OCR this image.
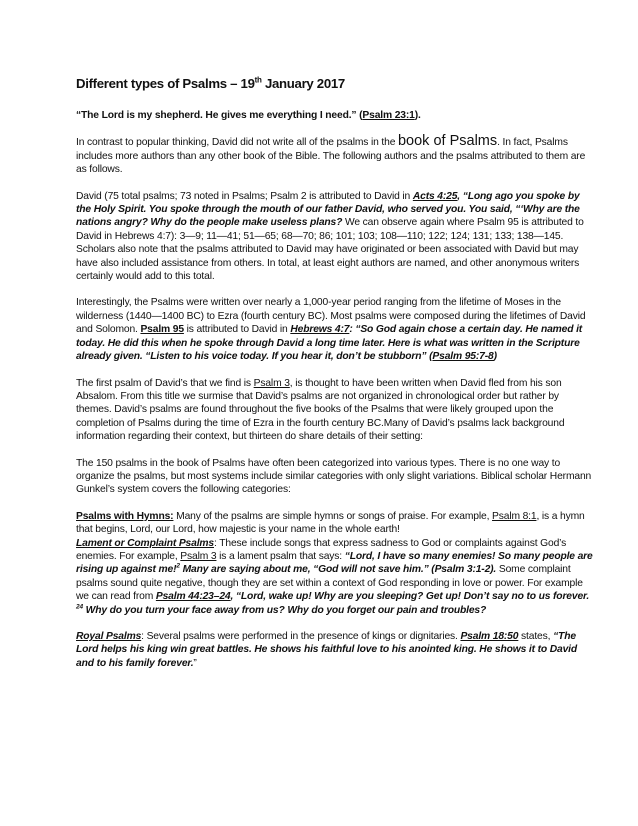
Different types of Psalms – 19th January 2017

“The Lord is my shepherd. He gives me everything I need.” (Psalm 23:1).

In contrast to popular thinking, David did not write all of the psalms in the book of Psalms. In fact, Psalms includes more authors than any other book of the Bible. The following authors and the psalms attributed to them are as follows.

David (75 total psalms; 73 noted in Psalms; Psalm 2 is attributed to David in Acts 4:25, “Long ago you spoke by the Holy Spirit. You spoke through the mouth of our father David, who served you. You said, “‘Why are the nations angry? Why do the people make useless plans? We can observe again where Psalm 95 is attributed to David in Hebrews 4:7): 3—9; 11—41; 51—65; 68—70; 86; 101; 103; 108—110; 122; 124; 131; 133; 138—145. Scholars also note that the psalms attributed to David may have originated or been associated with David but may have also included assistance from others. In total, at least eight authors are named, and other anonymous writers certainly would add to this total.

Interestingly, the Psalms were written over nearly a 1,000-year period ranging from the lifetime of Moses in the wilderness (1440—1400 BC) to Ezra (fourth century BC). Most psalms were composed during the lifetimes of David and Solomon. Psalm 95 is attributed to David in Hebrews 4:7: “So God again chose a certain day. He named it today. He did this when he spoke through David a long time later. Here is what was written in the Scripture already given. “Listen to his voice today. If you hear it, don’t be stubborn” (Psalm 95:7-8)

The first psalm of David’s that we find is Psalm 3, is thought to have been written when David fled from his son Absalom. From this title we surmise that David’s psalms are not organized in chronological order but rather by themes. David’s psalms are found throughout the five books of the Psalms that were likely grouped upon the completion of Psalms during the time of Ezra in the fourth century BC.Many of David’s psalms lack background information regarding their context, but thirteen do share details of their setting:

The 150 psalms in the book of Psalms have often been categorized into various types. There is no one way to organize the psalms, but most systems include similar categories with only slight variations. Biblical scholar Hermann Gunkel’s system covers the following categories:

Psalms with Hymns: Many of the psalms are simple hymns or songs of praise. For example, Psalm 8:1, is a hymn that begins, Lord, our Lord, how majestic is your name in the whole earth!
Lament or Complaint Psalms: These include songs that express sadness to God or complaints against God’s enemies. For example, Psalm 3 is a lament psalm that says: “Lord, I have so many enemies! So many people are rising up against me!$^2$ Many are saying about me, “God will not save him.” (Psalm 3:1-2). Some complaint psalms sound quite negative, though they are set within a context of God responding in love or power. For example we can read from Psalm 44:23–24, “Lord, wake up! Why are you sleeping? Get up! Don’t say no to us forever. $^{24}$ Why do you turn your face away from us? Why do you forget our pain and troubles?

Royal Psalms: Several psalms were performed in the presence of kings or dignitaries. Psalm 18:50 states, “The Lord helps his king win great battles. He shows his faithful love to his anointed king. He shows it to David and to his family forever.”
